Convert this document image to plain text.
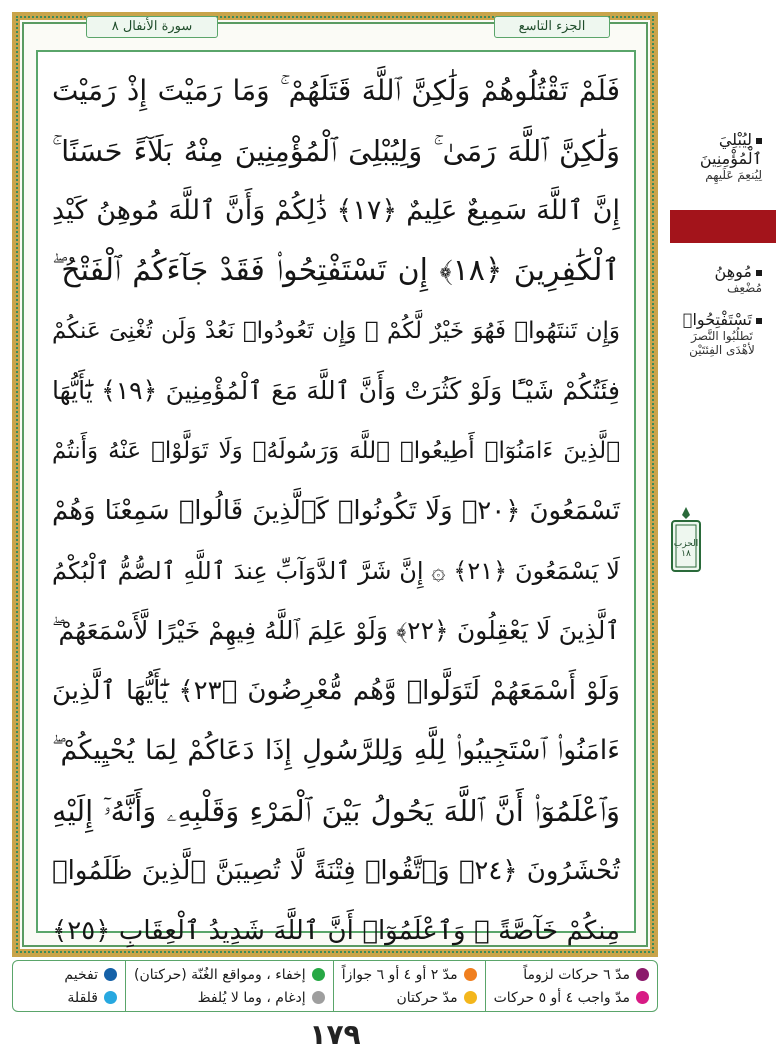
سورة الأنفال ٨	الجزء التاسع
فَلَمْ تَقْتُلُوهُمْ وَلَٰكِنَّ ٱللَّهَ قَتَلَهُمْ ۚ وَمَا رَمَيْتَ إِذْ رَمَيْتَ
وَلَٰكِنَّ ٱللَّهَ رَمَىٰ ۚ وَلِيُبْلِىَ ٱلْمُؤْمِنِينَ مِنْهُ بَلَآءً حَسَنًا ۚ
إِنَّ ٱللَّهَ سَمِيعٌ عَلِيمٌ ﴿١٧﴾ ذَٰلِكُمْ وَأَنَّ ٱللَّهَ مُوهِنُ كَيْدِ
ٱلْكَٰفِرِينَ ﴿١٨﴾ إِن تَسْتَفْتِحُوا۟ فَقَدْ جَآءَكُمُ ٱلْفَتْحُ ۖ
وَإِن تَنتَهُوا۟ فَهُوَ خَيْرٌ لَّكُمْ ۖ وَإِن تَعُودُوا۟ نَعُدْ وَلَن تُغْنِىَ عَنكُمْ
فِئَتُكُمْ شَيْـًٔا وَلَوْ كَثُرَتْ وَأَنَّ ٱللَّهَ مَعَ ٱلْمُؤْمِنِينَ ﴿١٩﴾ يَٰٓأَيُّهَا
ٱلَّذِينَ ءَامَنُوٓا۟ أَطِيعُوا۟ ٱللَّهَ وَرَسُولَهُۥ وَلَا تَوَلَّوْا۟ عَنْهُ وَأَنتُمْ
تَسْمَعُونَ ﴿٢٠﴾ وَلَا تَكُونُوا۟ كَٱلَّذِينَ قَالُوا۟ سَمِعْنَا وَهُمْ
لَا يَسْمَعُونَ ﴿٢١﴾ ۞ إِنَّ شَرَّ ٱلدَّوَآبِّ عِندَ ٱللَّهِ ٱلصُّمُّ ٱلْبُكْمُ
ٱلَّذِينَ لَا يَعْقِلُونَ ﴿٢٢﴾ وَلَوْ عَلِمَ ٱللَّهُ فِيهِمْ خَيْرًا لَّأَسْمَعَهُمْ ۖ
وَلَوْ أَسْمَعَهُمْ لَتَوَلَّوا۟ وَّهُم مُّعْرِضُونَ ﴿٢٣﴾ يَٰٓأَيُّهَا ٱلَّذِينَ
ءَامَنُوا۟ ٱسْتَجِيبُوا۟ لِلَّهِ وَلِلرَّسُولِ إِذَا دَعَاكُمْ لِمَا يُحْيِيكُمْ ۖ
وَٱعْلَمُوٓا۟ أَنَّ ٱللَّهَ يَحُولُ بَيْنَ ٱلْمَرْءِ وَقَلْبِهِۦ وَأَنَّهُۥٓ إِلَيْهِ
تُحْشَرُونَ ﴿٢٤﴾ وَٱتَّقُوا۟ فِتْنَةً لَّا تُصِيبَنَّ ٱلَّذِينَ ظَلَمُوا۟
مِنكُمْ خَآصَّةً ۖ وَٱعْلَمُوٓا۟ أَنَّ ٱللَّهَ شَدِيدُ ٱلْعِقَابِ ﴿٢٥﴾
لِيُبْلِيَ ٱلْمُؤْمِنِينَ
لِيُنعِمَ عَلَيهِم
مُوهِنُ
مُضْعِف
تَسْتَفْتِحُوا۟
تَطلُبُوا النَّصرَ لأهْدَى الفِئتَيْن
الحزب ١٨
مدّ ٦ حركات لزوماً
مدّ واجب ٤ أو ٥ حركات
مدّ ٢ أو ٤ أو ٦ جوازاً
مدّ حركتان
إخفاء ، ومواقع الغُنّة (حركتان)
إدغام ، وما لا يُلفظ
تفخيم
قلقلة
١٧٩
